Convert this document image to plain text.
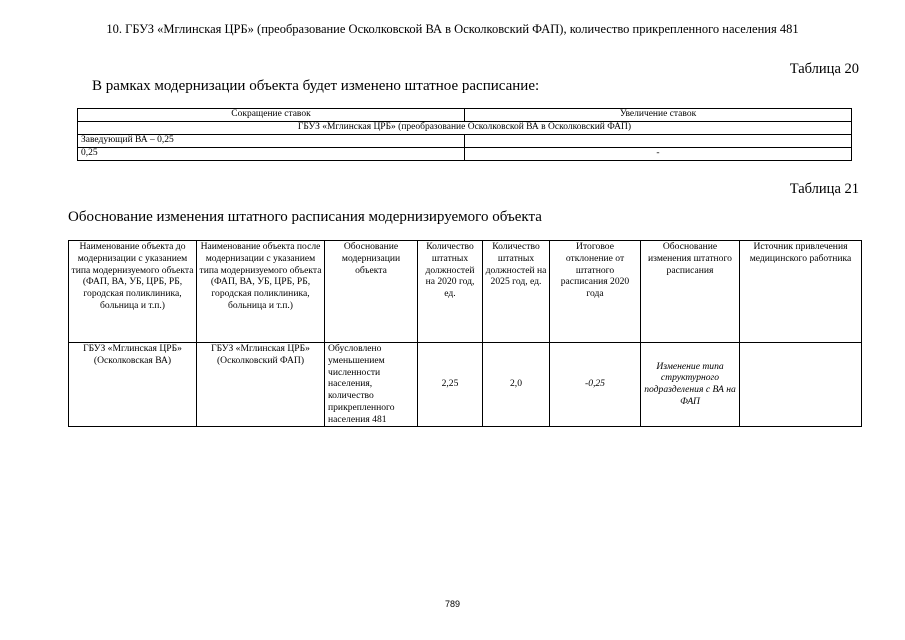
10. ГБУЗ «Мглинская ЦРБ» (преобразование Осколковской ВА в Осколковский ФАП), количество прикрепленного населения 481
Таблица 20
В рамках модернизации объекта будет изменено штатное расписание:
Сокращение ставок	Увеличение ставок
ГБУЗ «Мглинская ЦРБ» (преобразование Осколковской ВА в Осколковский ФАП)	
Заведующий ВА – 0,25	
0,25	-
Таблица 21
Обоснование изменения штатного расписания модернизируемого объекта
Наименование объекта до модернизации с указанием типа модернизуемого объекта (ФАП, ВА, УБ, ЦРБ, РБ, городская поликлиника, больница и т.п.)	Наименование объекта после модернизации с указанием типа модернизуемого объекта (ФАП, ВА, УБ, ЦРБ, РБ, городская поликлиника, больница и т.п.)	Обоснование модернизации объекта	Количество штатных должностей на 2020 год, ед.	Количество штатных должностей на 2025 год, ед.	Итоговое отклонение от штатного расписания 2020 года	Обоснование изменения штатного расписания	Источник привлечения медицинского работника
ГБУЗ «Мглинская ЦРБ» (Осколковская ВА)	ГБУЗ «Мглинская ЦРБ» (Осколковский ФАП)	Обусловлено уменьшением численности населения, количество прикрепленного населения 481	2,25	2,0	-0,25	Изменение типа структурного подразделения с ВА на ФАП	
789
